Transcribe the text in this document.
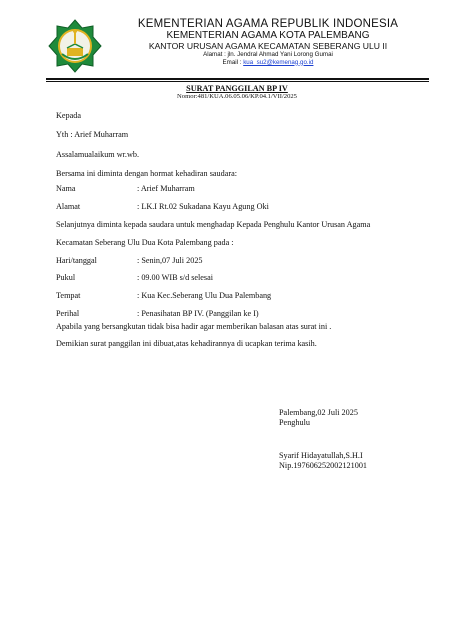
KEMENTERIAN AGAMA REPUBLIK INDONESIA
KEMENTERIAN AGAMA KOTA PALEMBANG
KANTOR URUSAN AGAMA KECAMATAN SEBERANG ULU II
Alamat : jln. Jendral Ahmad Yani Lorong Gumai
Email : kua_su2@kemenag.go.id
SURAT PANGGILAN BP IV
Nomor:481/KUA.06.05.06/KP.04.1/VII/2025
Kepada
Yth : Arief Muharram
Assalamualaikum wr.wb.
Bersama ini diminta dengan hormat kehadiran saudara:
Nama	: Arief Muharram
Alamat	: LK.I Rt.02 Sukadana Kayu Agung Oki
Selanjutnya diminta kepada saudara untuk menghadap Kepada Penghulu Kantor Urusan Agama
Kecamatan Seberang Ulu Dua Kota Palembang pada :
Hari/tanggal	: Senin,07 Juli 2025
Pukul	: 09.00 WIB s/d selesai
Tempat	: Kua Kec.Seberang Ulu Dua Palembang
Perihal	: Penasihatan BP IV. (Panggilan ke I)
Apabila yang bersangkutan tidak bisa hadir agar memberikan balasan atas surat ini .
Demikian surat panggilan ini dibuat,atas kehadirannya di ucapkan terima kasih.
Palembang,02 Juli 2025
Penghulu
Syarif Hidayatullah,S.H.I
Nip.197606252002121001
